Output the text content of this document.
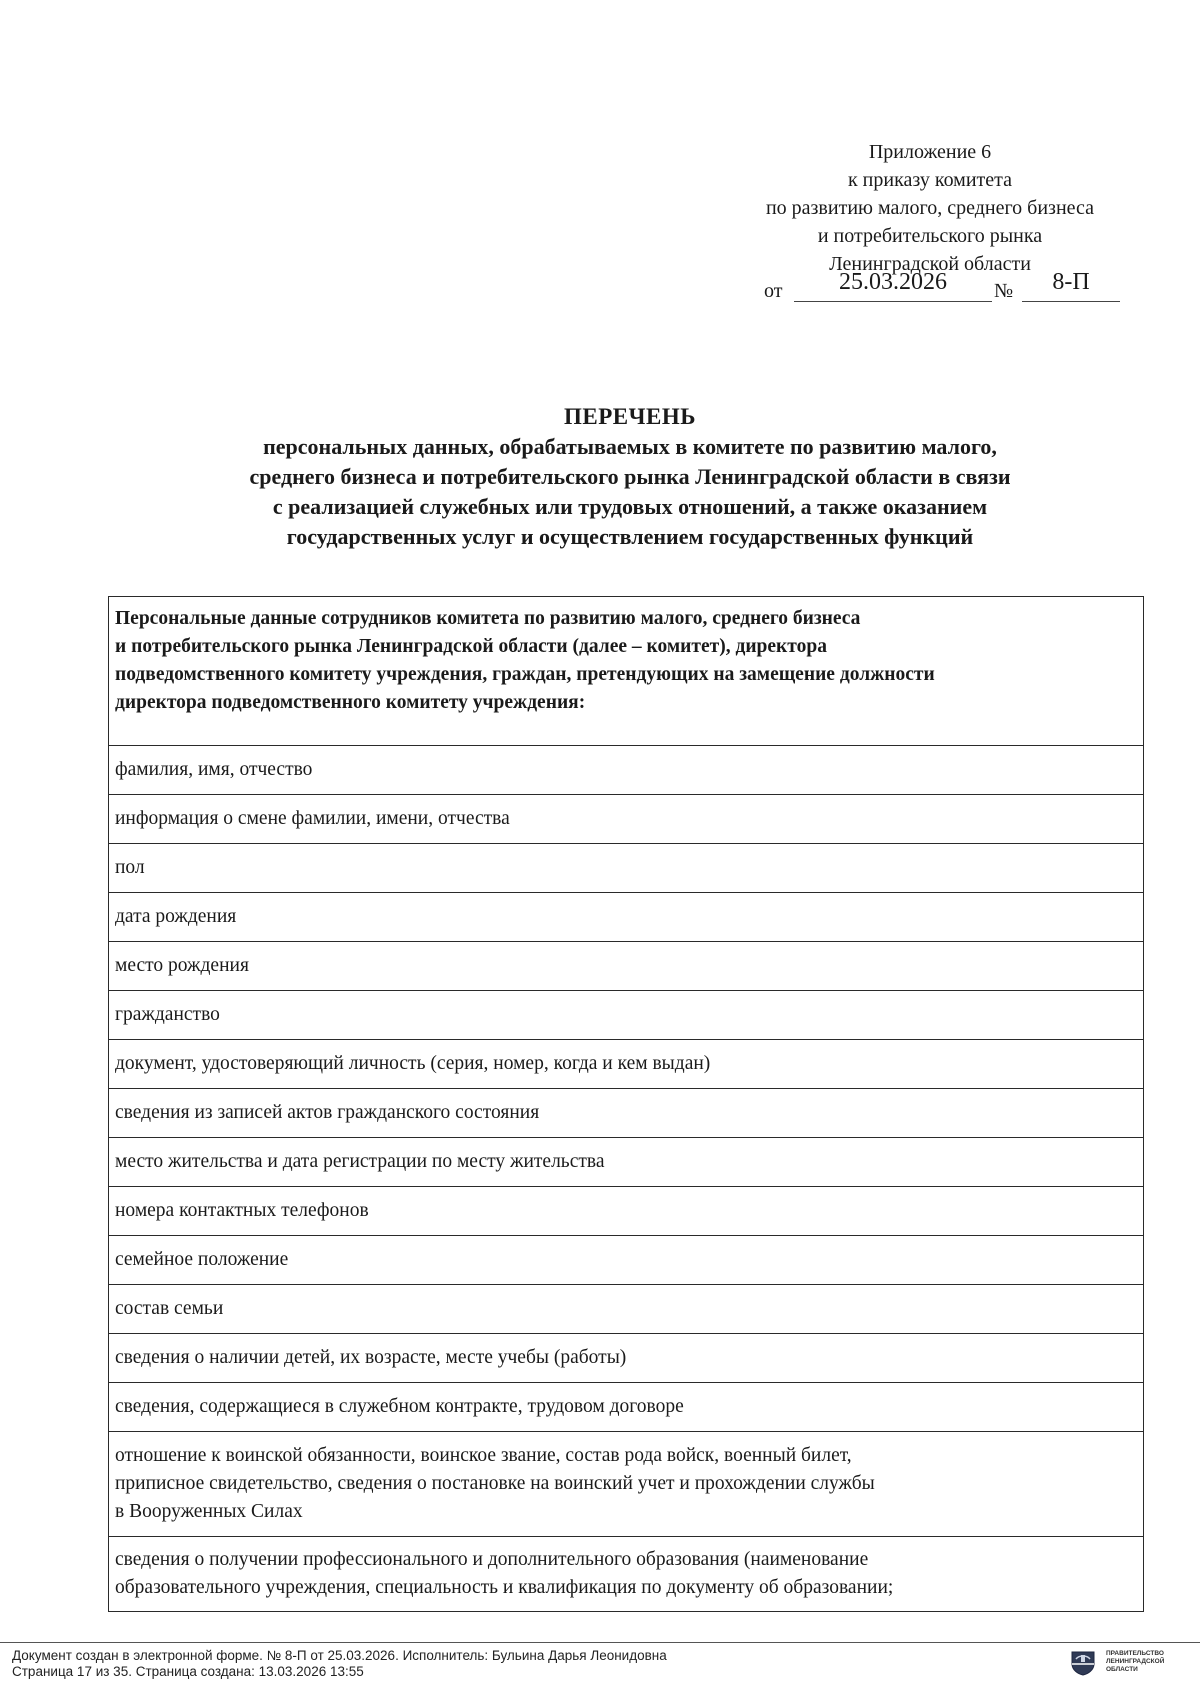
Приложение 6
к приказу комитета
по развитию малого, среднего бизнеса
и потребительского рынка
Ленинградской области
от	25.03.2026	№	8-П
ПЕРЕЧЕНЬ
персональных данных, обрабатываемых в комитете по развитию малого,
среднего бизнеса и потребительского рынка Ленинградской области в связи
с реализацией служебных или трудовых отношений, а также оказанием
государственных услуг и осуществлением государственных функций
Персональные данные сотрудников комитета по развитию малого, среднего бизнеса
и потребительского рынка Ленинградской области (далее – комитет), директора
подведомственного комитету учреждения, граждан, претендующих на замещение должности
директора подведомственного комитету учреждения:

фамилия, имя, отчество
информация о смене фамилии, имени, отчества
пол
дата рождения
место рождения
гражданство
документ, удостоверяющий личность (серия, номер, когда и кем выдан)
сведения из записей актов гражданского состояния
место жительства и дата регистрации по месту жительства
номера контактных телефонов
семейное положение
состав семьи
сведения о наличии детей, их возрасте, месте учебы (работы)
сведения, содержащиеся в служебном контракте, трудовом договоре

отношение к воинской обязанности, воинское звание, состав рода войск, военный билет,
приписное свидетельство, сведения о постановке на воинский учет и прохождении службы
в Вооруженных Силах

сведения о получении профессионального и дополнительного образования (наименование
образовательного учреждения, специальность и квалификация по документу об образовании;
Документ создан в электронной форме. № 8-П от 25.03.2026. Исполнитель: Бульина Дарья Леонидовна
Страница 17 из 35. Страница создана: 13.03.2026 13:55
ПРАВИТЕЛЬСТВО
ЛЕНИНГРАДСКОЙ
ОБЛАСТИ
